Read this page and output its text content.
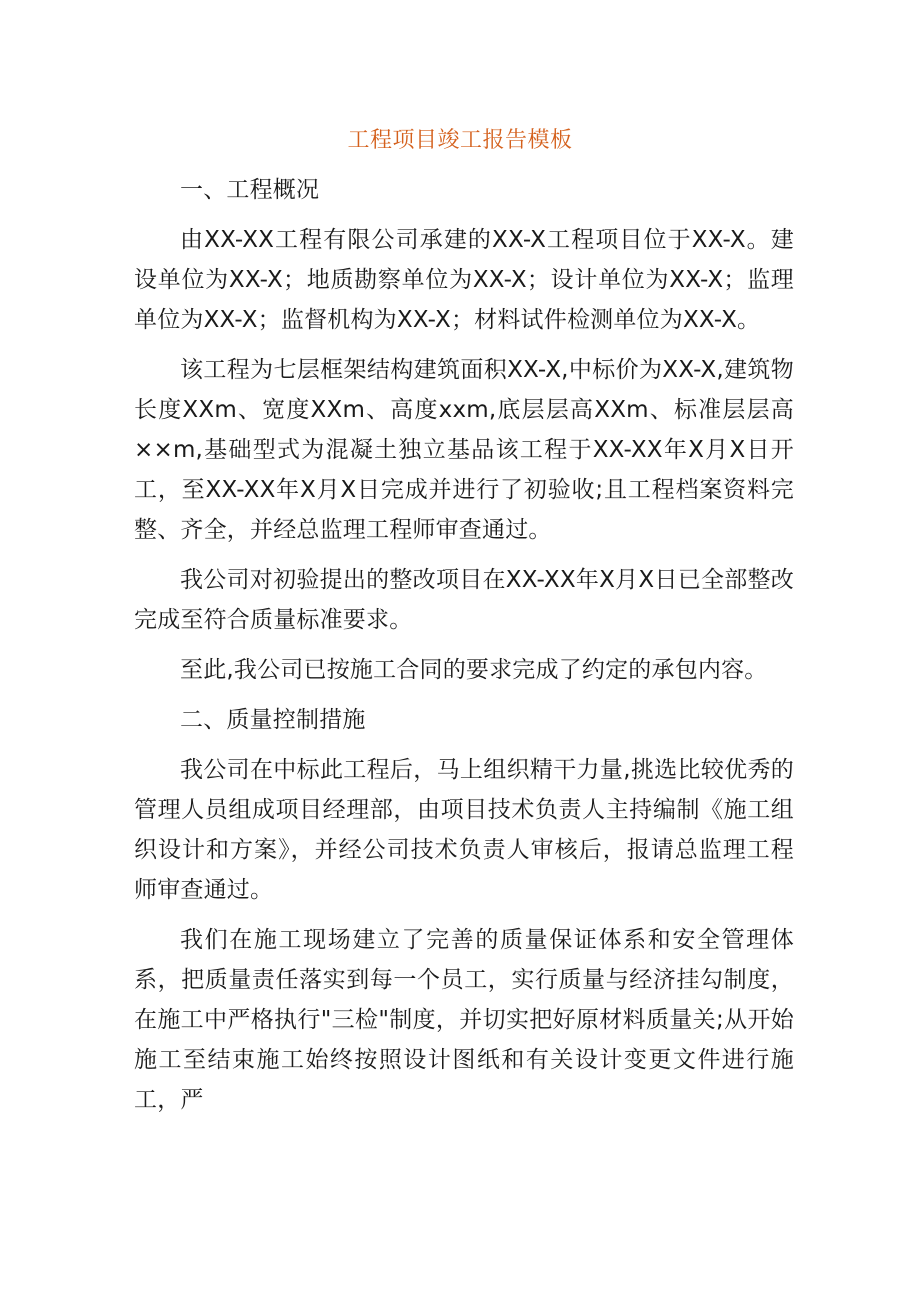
工程项目竣工报告模板

一、工程概况

由XX-XX工程有限公司承建的XX-X工程项目位于XX-X。建设单位为XX-X；地质勘察单位为XX-X；设计单位为XX-X；监理单位为XX-X；监督机构为XX-X；材料试件检测单位为XX-X。

该工程为七层框架结构建筑面积XX-X,中标价为XX-X,建筑物长度XXm、宽度XXm、高度xxm,底层层高XXm、标准层层高××m,基础型式为混凝土独立基品该工程于XX-XX年X月X日开工，至XX-XX年X月X日完成并进行了初验收;且工程档案资料完整、齐全，并经总监理工程师审查通过。

我公司对初验提出的整改项目在XX-XX年X月X日已全部整改完成至符合质量标准要求。

至此,我公司已按施工合同的要求完成了约定的承包内容。

二、质量控制措施

我公司在中标此工程后，马上组织精干力量,挑选比较优秀的管理人员组成项目经理部，由项目技术负责人主持编制《施工组织设计和方案》，并经公司技术负责人审核后，报请总监理工程师审查通过。

我们在施工现场建立了完善的质量保证体系和安全管理体系，把质量责任落实到每一个员工，实行质量与经济挂勾制度，在施工中严格执行"三检"制度，并切实把好原材料质量关;从开始施工至结束施工始终按照设计图纸和有关设计变更文件进行施工，严
